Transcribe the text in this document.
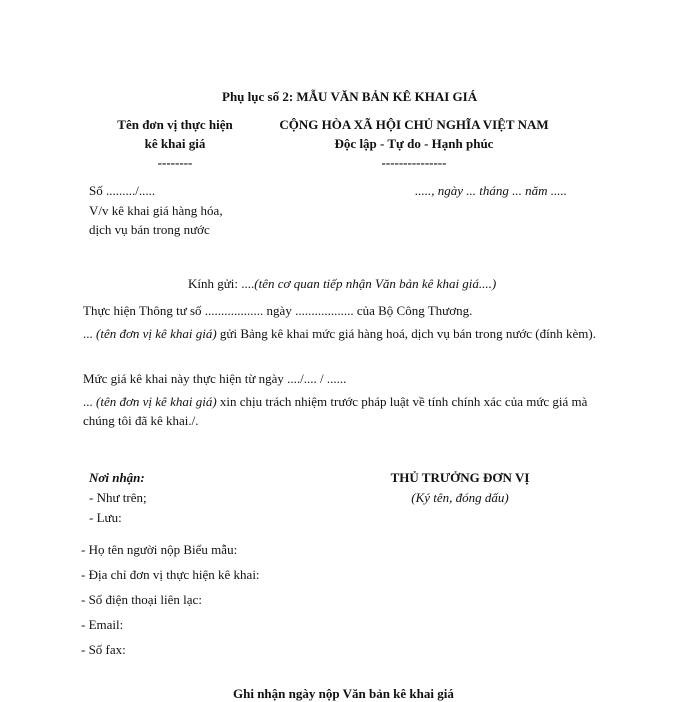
Phụ lục số 2: MẪU VĂN BẢN KÊ KHAI GIÁ
Tên đơn vị thực hiện
kê khai giá
--------
CỘNG HÒA XÃ HỘI CHỦ NGHĨA VIỆT NAM
Độc lập - Tự do - Hạnh phúc
---------------
Số ........./.....	....., ngày ... tháng ... năm .....
V/v kê khai giá hàng hóa,
dịch vụ bán trong nước
Kính gửi: ....(tên cơ quan tiếp nhận Văn bản kê khai giá....)
Thực hiện Thông tư số .................. ngày .................. của Bộ Công Thương.
... (tên đơn vị kê khai giá) gửi Bảng kê khai mức giá hàng hoá, dịch vụ bán trong nước (đính kèm).
Mức giá kê khai này thực hiện từ ngày ..../.... / ......
... (tên đơn vị kê khai giá) xin chịu trách nhiệm trước pháp luật về tính chính xác của mức giá mà chúng tôi đã kê khai./.
Nơi nhận:
- Như trên;
- Lưu:
THỦ TRƯỞNG ĐƠN VỊ
(Ký tên, đóng dấu)
- Họ tên người nộp Biểu mẫu:
- Địa chỉ đơn vị thực hiện kê khai:
- Số điện thoại liên lạc:
- Email:
- Số fax:
Ghi nhận ngày nộp Văn bản kê khai giá
